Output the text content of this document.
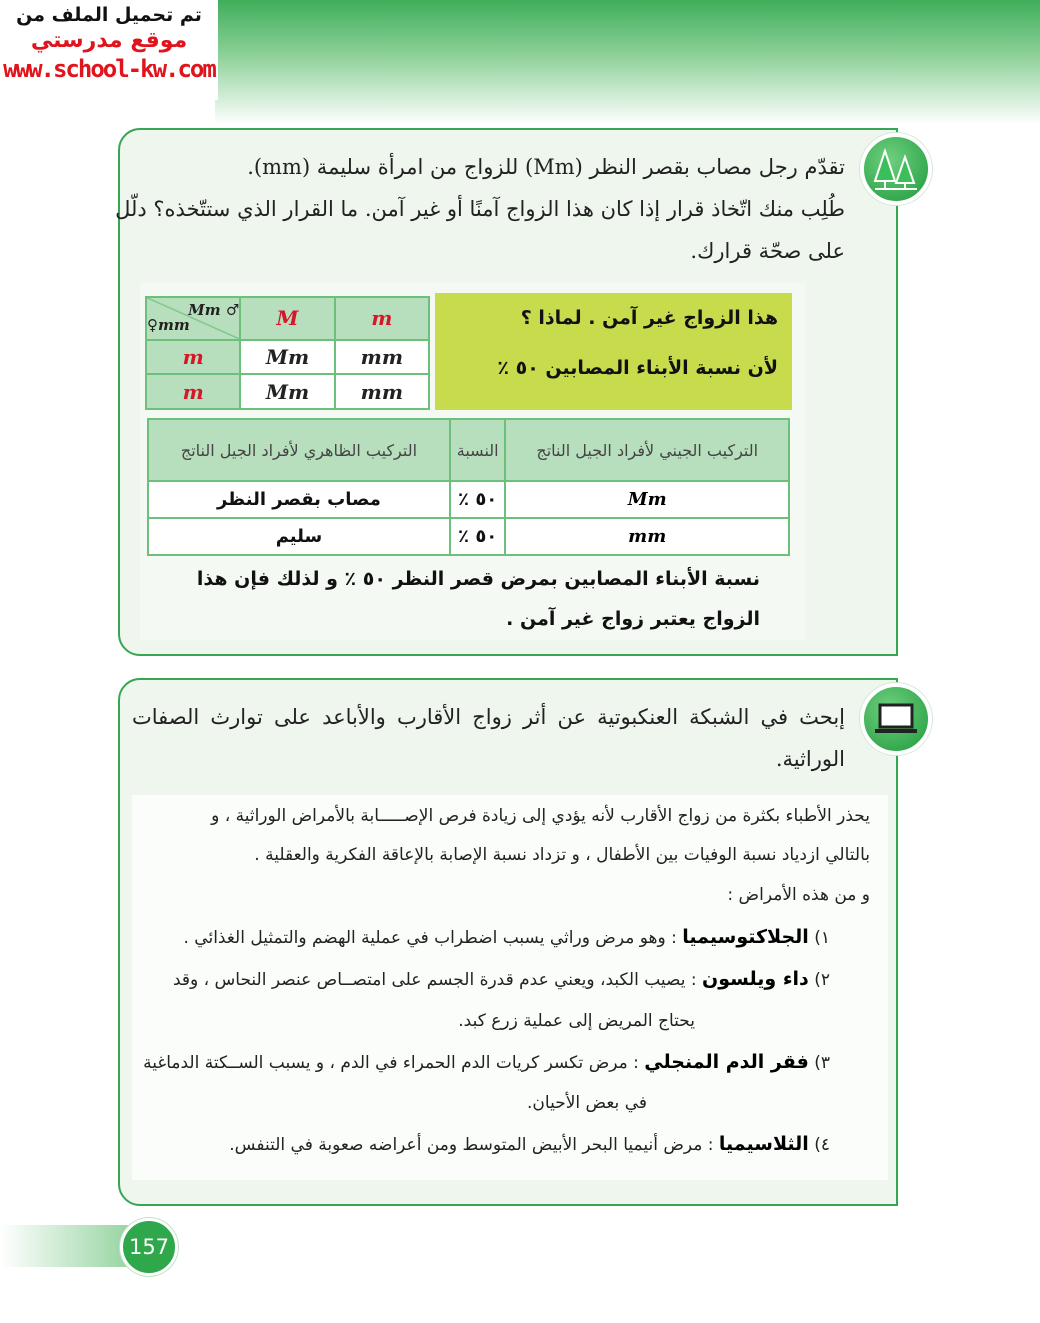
تم تحميل الملف من
موقع مدرستي
www.school-kw.com
تقدّم رجل مصاب بقصر النظر (Mm) للزواج من امرأة سليمة (mm).
طُلِب منك اتّخاذ قرار إذا كان هذا الزواج آمنًا أو غير آمن. ما القرار الذي ستتّخذه؟ دلّل
على صحّة قرارك.
هذا الزواج غير آمن . لماذا ؟
لأن نسبة الأبناء المصابين ٥٠ ٪
Mm ♂
♀mm	M	m
m	Mm	mm
m	Mm	mm
التركيب الجيني لأفراد الجيل الناتج	النسبة	التركيب الظاهري لأفراد الجيل الناتج
Mm	٥٠ ٪	مصاب بقصر النظر
mm	٥٠ ٪	سليم
نسبة الأبناء المصابين بمرض قصر النظر ٥٠ ٪ و لذلك فإن هذا
الزواج يعتبر زواج غير آمن .
إبحث في الشبكة العنكبوتية عن أثر زواج الأقارب والأباعد على توارث الصفات
الوراثية.
يحذر الأطباء بكثرة من زواج الأقارب لأنه يؤدي إلى زيادة فرص الإصـــــابة بالأمراض الوراثية ، و
بالتالي ازدياد نسبة الوفيات بين الأطفال ، و تزداد نسبة الإصابة بالإعاقة الفكرية والعقلية .
و من هذه الأمراض :
١) الجلاكتوسيميا : وهو مرض وراثي يسبب اضطراب في عملية الهضم والتمثيل الغذائي .
٢) داء ويلسون : يصيب الكبد، ويعني عدم قدرة الجسم على امتصــاص عنصر النحاس ، وقد
يحتاج المريض إلى عملية زرع كبد.
٣) فقر الدم المنجلي : مرض تكسر كريات الدم الحمراء في الدم ، و يسبب الســكتة الدماغية
في بعض الأحيان.
٤) الثلاسيميا : مرض أنيميا البحر الأبيض المتوسط ومن أعراضه صعوبة في التنفس.
157
